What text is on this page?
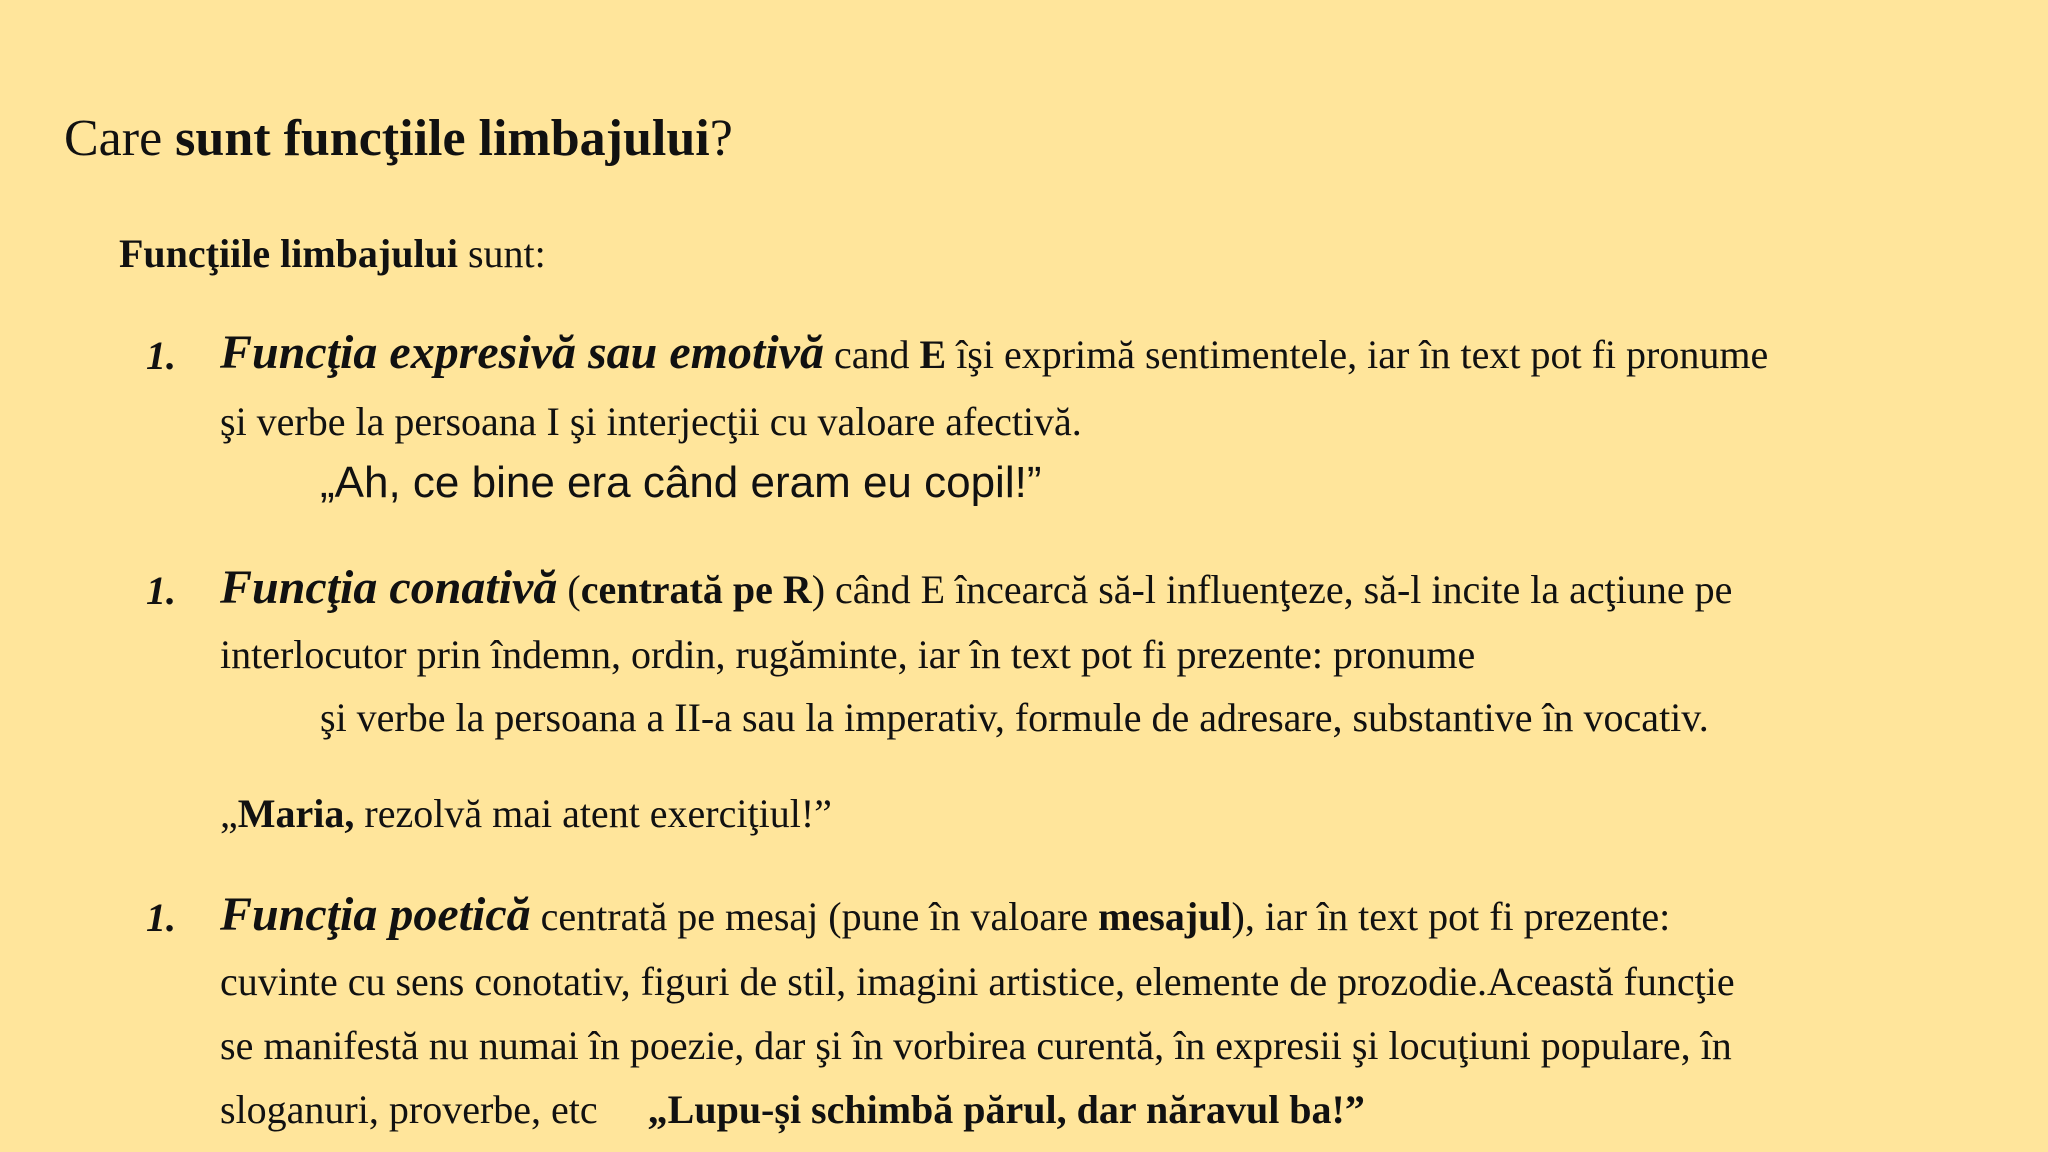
Care sunt funcţiile limbajului?
Funcţiile limbajului sunt:
1. Funcţia expresivă sau emotivă cand E îşi exprimă sentimentele, iar în text pot fi pronume
şi verbe la persoana I şi interjecţii cu valoare afectivă.
„Ah, ce bine era când eram eu copil!”
1. Funcţia conativă (centrată pe R) când E încearcă să-l influenţeze, să-l incite la acţiune pe
interlocutor prin îndemn, ordin, rugăminte, iar în text pot fi prezente: pronume
şi verbe la persoana a II-a sau la imperativ, formule de adresare, substantive în vocativ.
„Maria, rezolvă mai atent exerciţiul!”
1. Funcţia poetică centrată pe mesaj (pune în valoare mesajul), iar în text pot fi prezente:
cuvinte cu sens conotativ, figuri de stil, imagini artistice, elemente de prozodie.Această funcţie
se manifestă nu numai în poezie, dar şi în vorbirea curentă, în expresii şi locuţiuni populare, în
sloganuri, proverbe, etc „Lupu-și schimbă părul, dar năravul ba!”
